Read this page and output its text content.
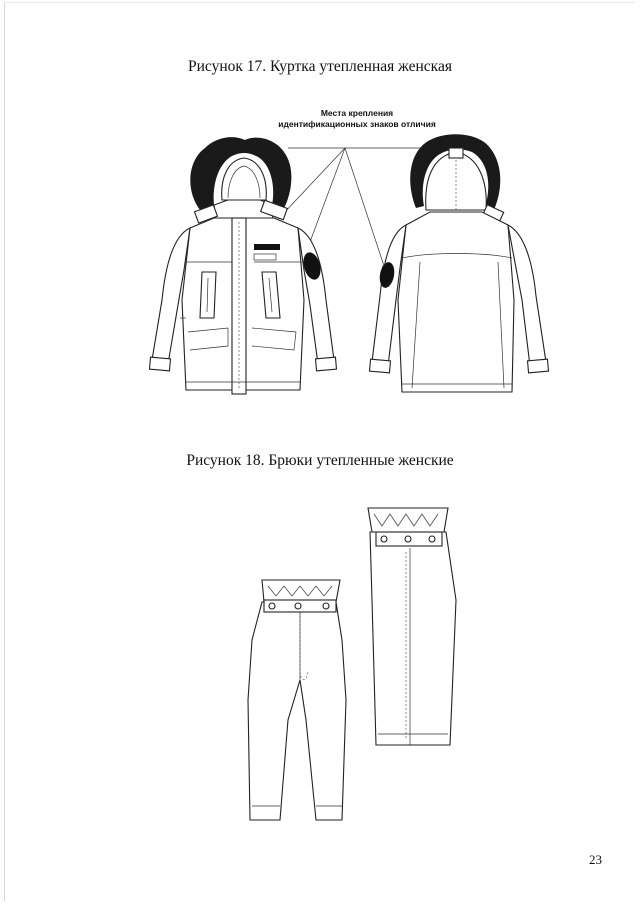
Рисунок 17. Куртка утепленная женская
Места крепления
идентификационных знаков отличия
Рисунок 18. Брюки утепленные женские
23
